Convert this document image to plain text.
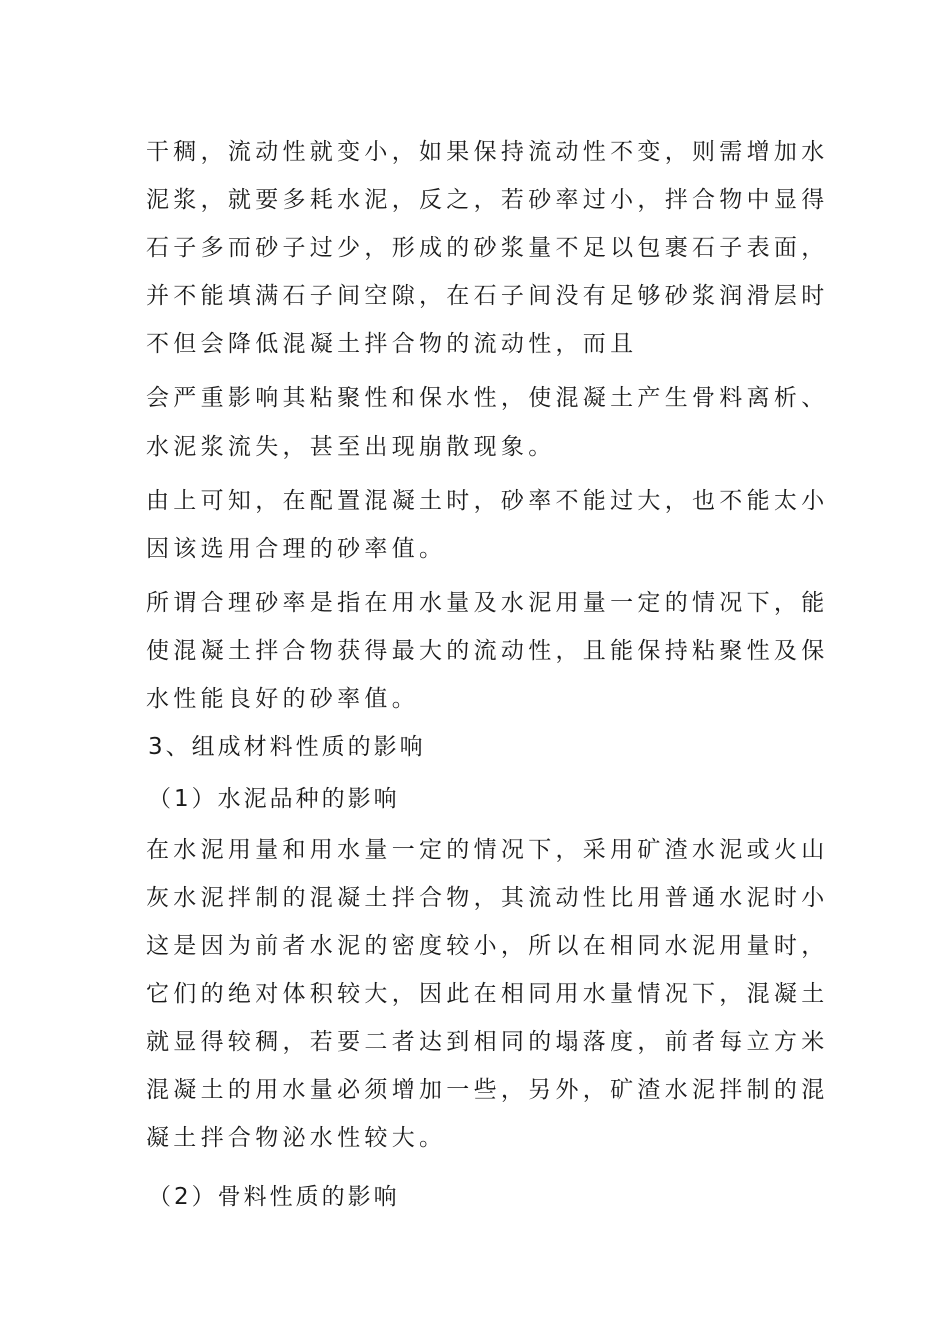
干稠，流动性就变小，如果保持流动性不变，则需增加水
泥浆，就要多耗水泥，反之，若砂率过小，拌合物中显得
石子多而砂子过少，形成的砂浆量不足以包裹石子表面，
并不能填满石子间空隙，在石子间没有足够砂浆润滑层时
不但会降低混凝土拌合物的流动性，而且
会严重影响其粘聚性和保水性，使混凝土产生骨料离析、
水泥浆流失，甚至出现崩散现象。
由上可知，在配置混凝土时，砂率不能过大，也不能太小
因该选用合理的砂率值。
所谓合理砂率是指在用水量及水泥用量一定的情况下，能
使混凝土拌合物获得最大的流动性，且能保持粘聚性及保
水性能良好的砂率值。
3、组成材料性质的影响
（1）水泥品种的影响
在水泥用量和用水量一定的情况下，采用矿渣水泥或火山
灰水泥拌制的混凝土拌合物，其流动性比用普通水泥时小
这是因为前者水泥的密度较小，所以在相同水泥用量时，
它们的绝对体积较大，因此在相同用水量情况下，混凝土
就显得较稠，若要二者达到相同的塌落度，前者每立方米
混凝土的用水量必须增加一些，另外，矿渣水泥拌制的混
凝土拌合物泌水性较大。
（2）骨料性质的影响
